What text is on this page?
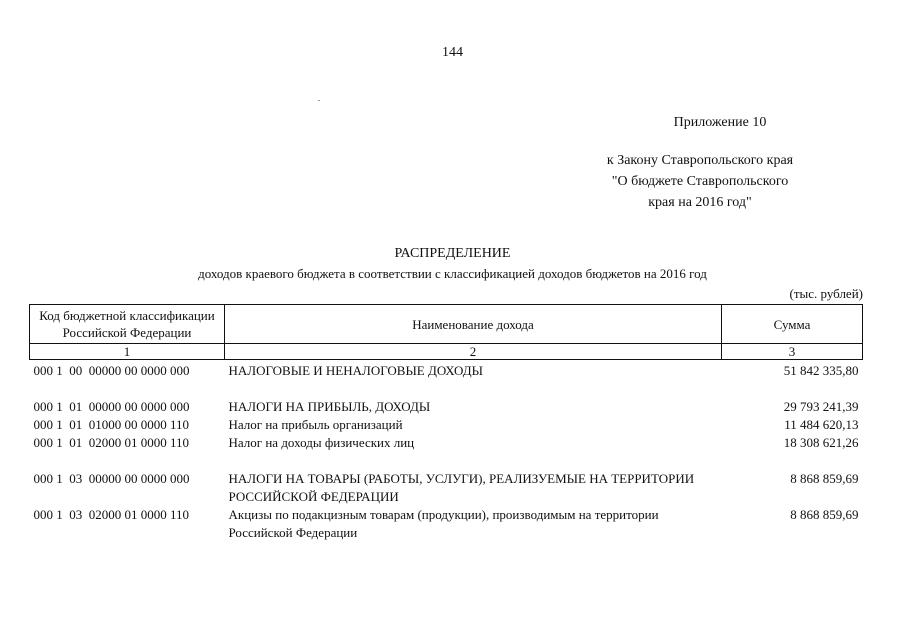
144
Приложение 10
к Закону Ставропольского края
"О бюджете Ставропольского
края на 2016 год"
РАСПРЕДЕЛЕНИЕ
доходов краевого бюджета в соответствии с классификацией доходов бюджетов на 2016 год
(тыс. рублей)
Код бюджетной классификации Российской Федерации	Наименование дохода	Сумма
1	2	3
000 1  00  00000 00 0000 000	НАЛОГОВЫЕ И НЕНАЛОГОВЫЕ ДОХОДЫ	51 842 335,80

000 1  01  00000 00 0000 000	НАЛОГИ НА ПРИБЫЛЬ, ДОХОДЫ	29 793 241,39
000 1  01  01000 00 0000 110	Налог на прибыль организаций	11 484 620,13
000 1  01  02000 01 0000 110	Налог на доходы физических лиц	18 308 621,26

000 1  03  00000 00 0000 000	НАЛОГИ НА ТОВАРЫ (РАБОТЫ, УСЛУГИ), РЕАЛИЗУЕМЫЕ НА ТЕРРИТОРИИ РОССИЙСКОЙ ФЕДЕРАЦИИ	8 868 859,69
000 1  03  02000 01 0000 110	Акцизы по подакцизным товарам (продукции), производимым на территории Российской Федерации	8 868 859,69
